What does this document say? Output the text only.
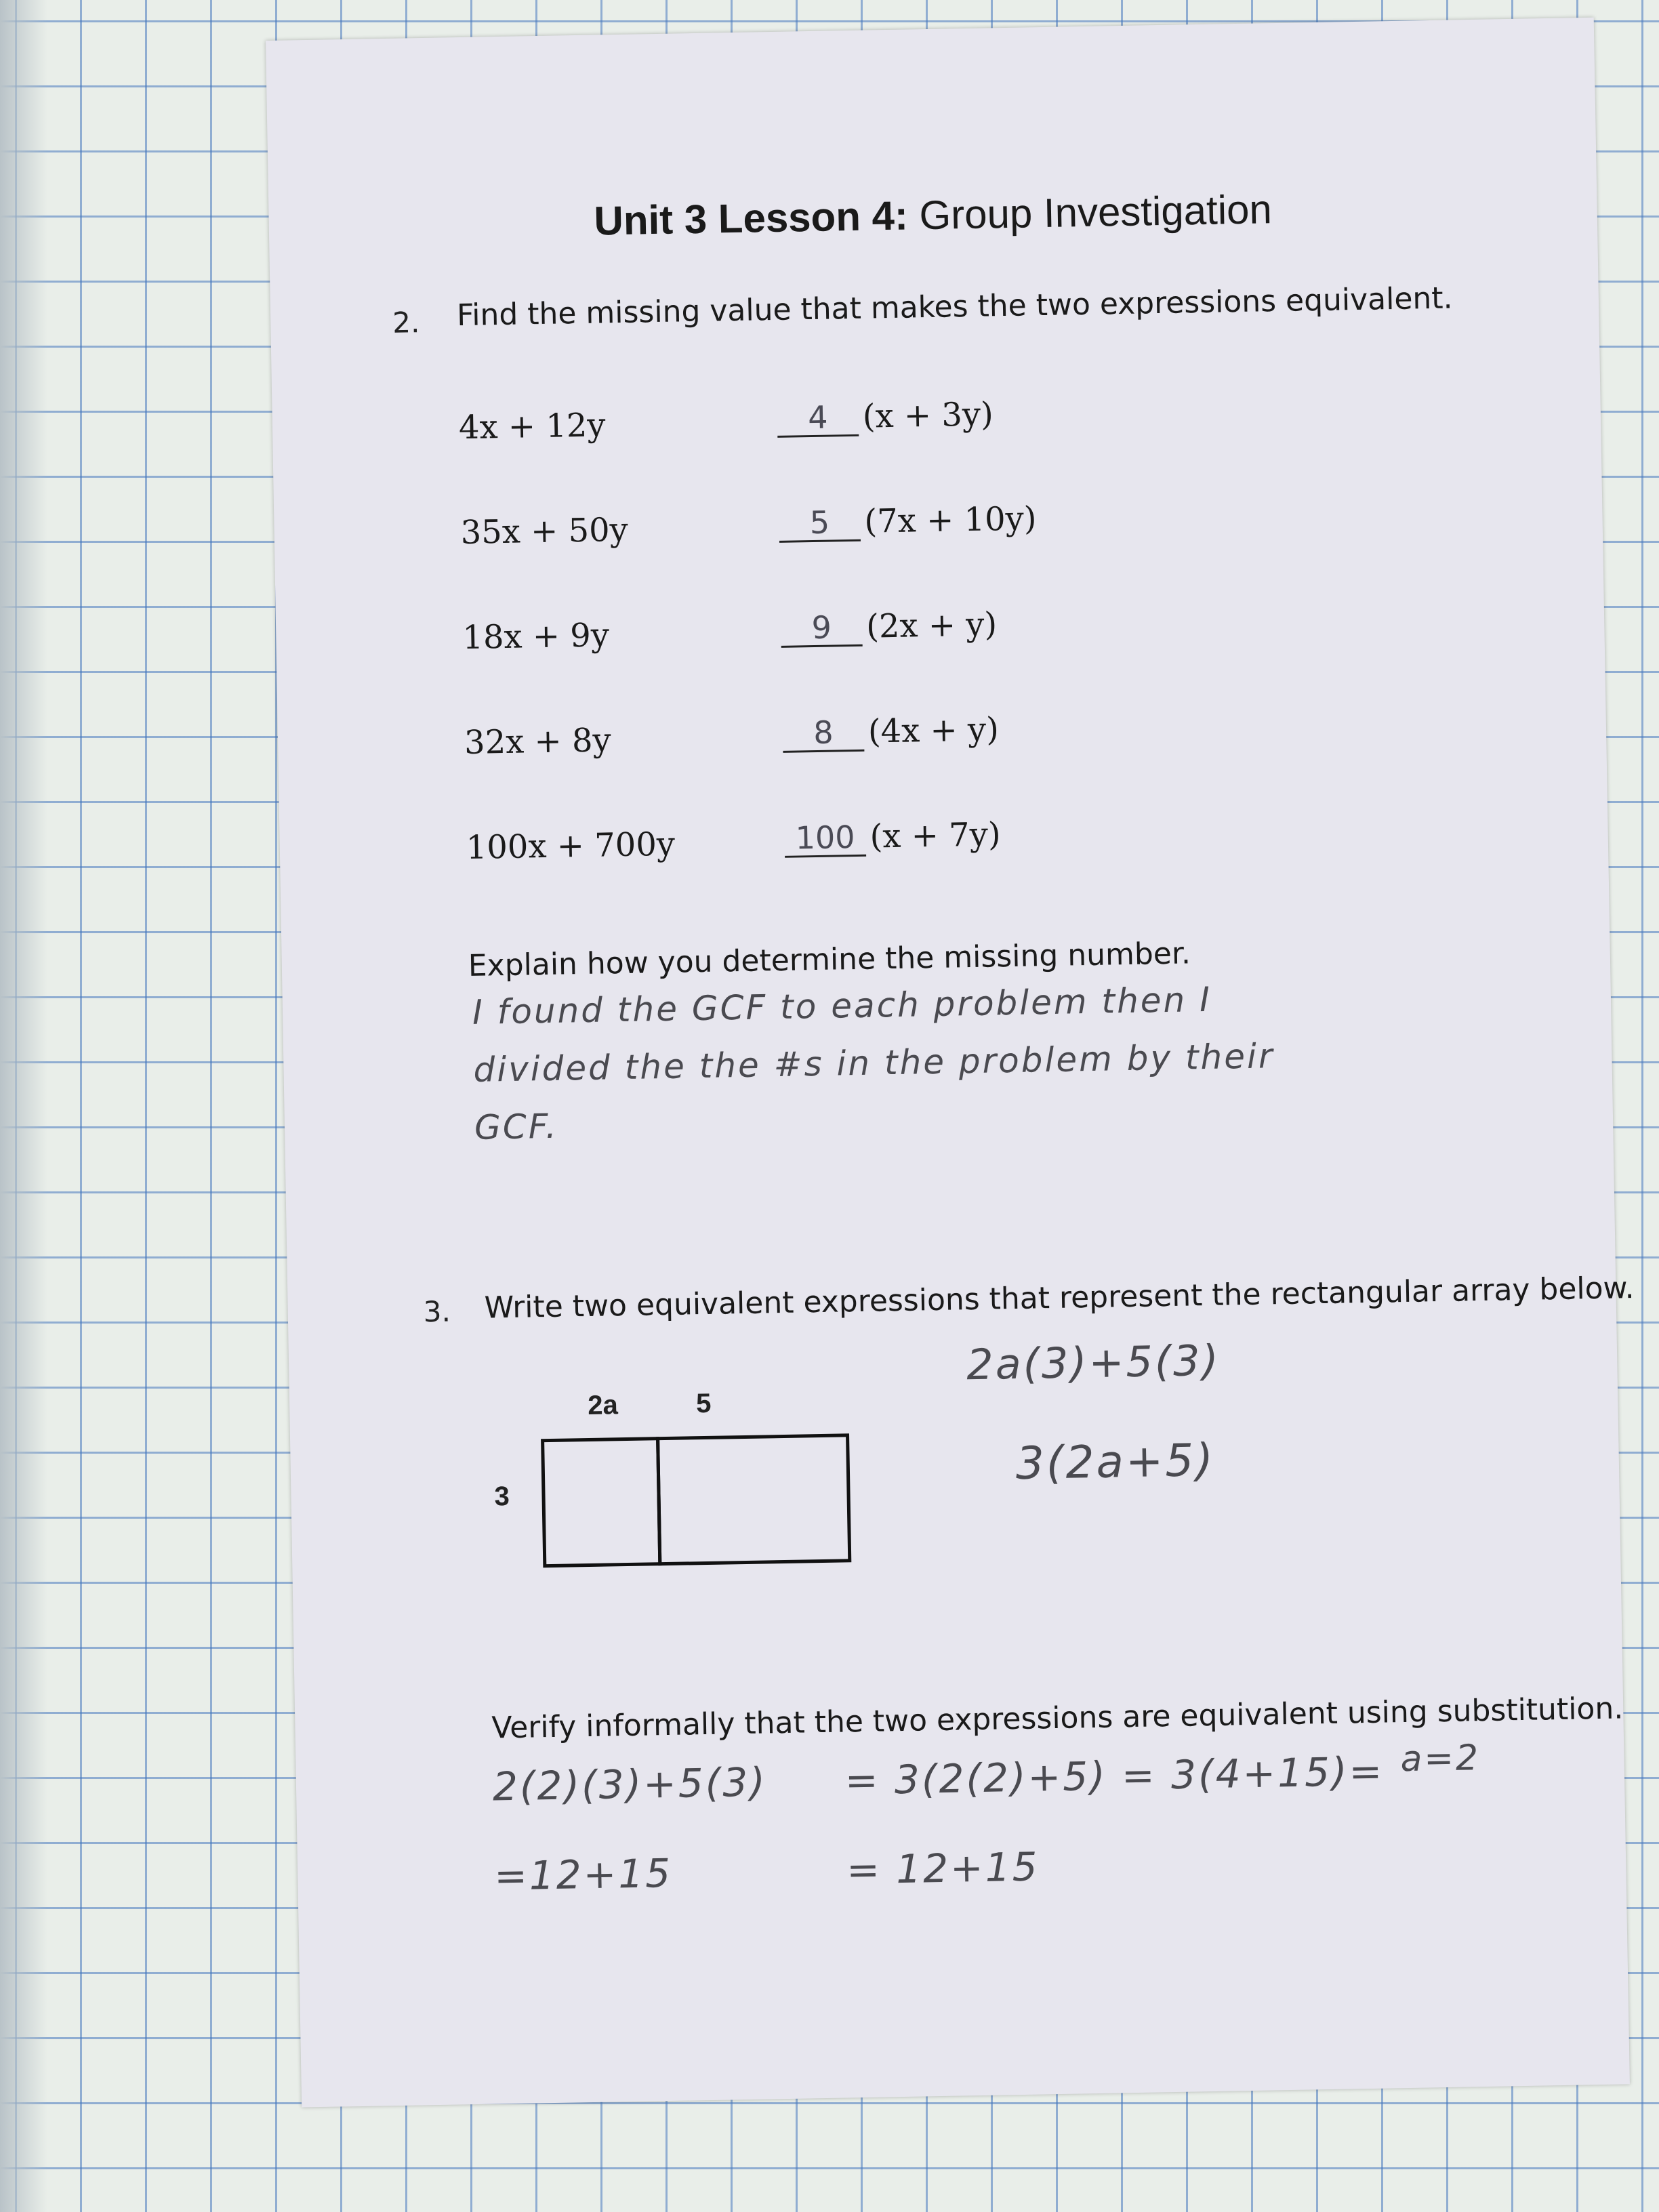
Unit 3 Lesson 4: Group Investigation
2. Find the missing value that makes the two expressions equivalent.
4x + 12y	4 (x + 3y)
35x + 50y	5 (7x + 10y)
18x + 9y	9 (2x + y)
32x + 8y	8 (4x + y)
100x + 700y	100 (x + 7y)
Explain how you determine the missing number.
I found the GCF to each problem then I
divided the the #s in the problem by their
GCF.
3. Write two equivalent expressions that represent the rectangular array below.
2a(3)+5(3)
3(2a+5)
2a	5
3
Verify informally that the two expressions are equivalent using substitution.
2(2)(3)+5(3) = 3(2(2)+5) = 3(4+15)= a=2
=12+15	= 12+15
